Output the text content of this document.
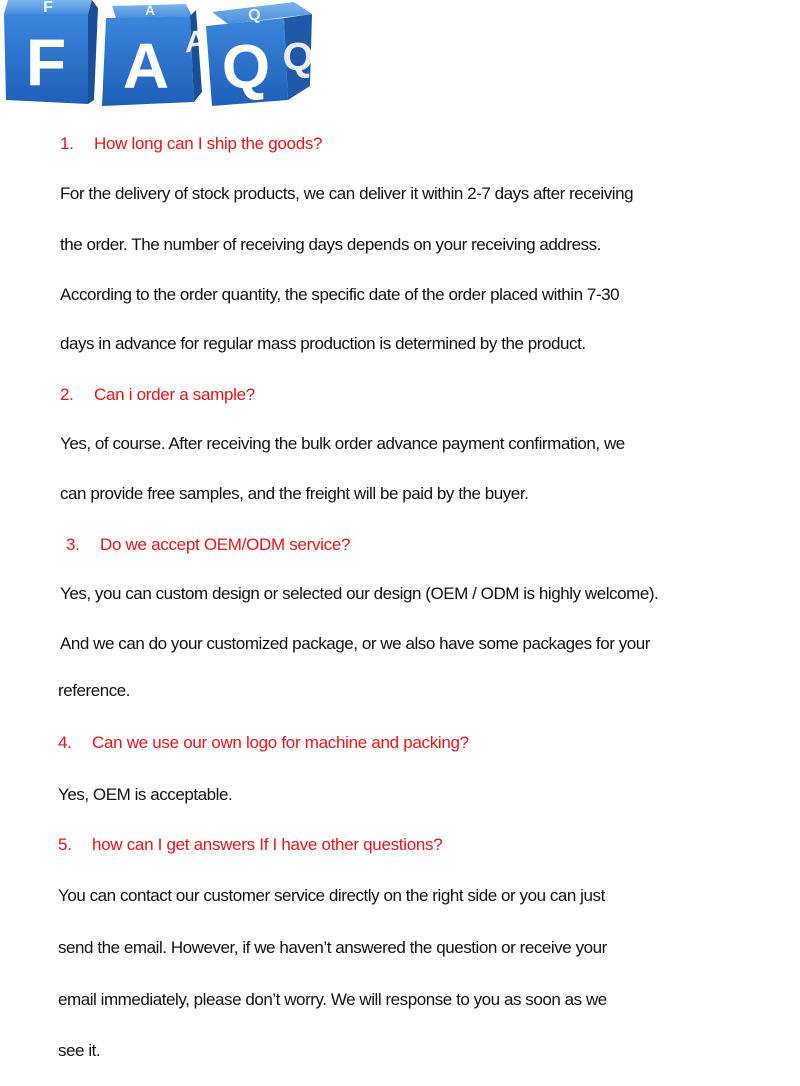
F
F
A
A
A Q
Q
Q
1. How long can I ship the goods?
For the delivery of stock products, we can deliver it within 2-7 days after receiving
the order. The number of receiving days depends on your receiving address.
According to the order quantity, the specific date of the order placed within 7-30
days in advance for regular mass production is determined by the product.
2. Can i order a sample?
Yes, of course. After receiving the bulk order advance payment confirmation, we
can provide free samples, and the freight will be paid by the buyer.
3. Do we accept OEM/ODM service?
Yes, you can custom design or selected our design (OEM / ODM is highly welcome).
And we can do your customized package, or we also have some packages for your
reference.
4. Can we use our own logo for machine and packing?
Yes, OEM is acceptable.
5. how can I get answers If I have other questions?
You can contact our customer service directly on the right side or you can just
send the email. However, if we haven’t answered the question or receive your
email immediately, please don’t worry. We will response to you as soon as we
see it.
